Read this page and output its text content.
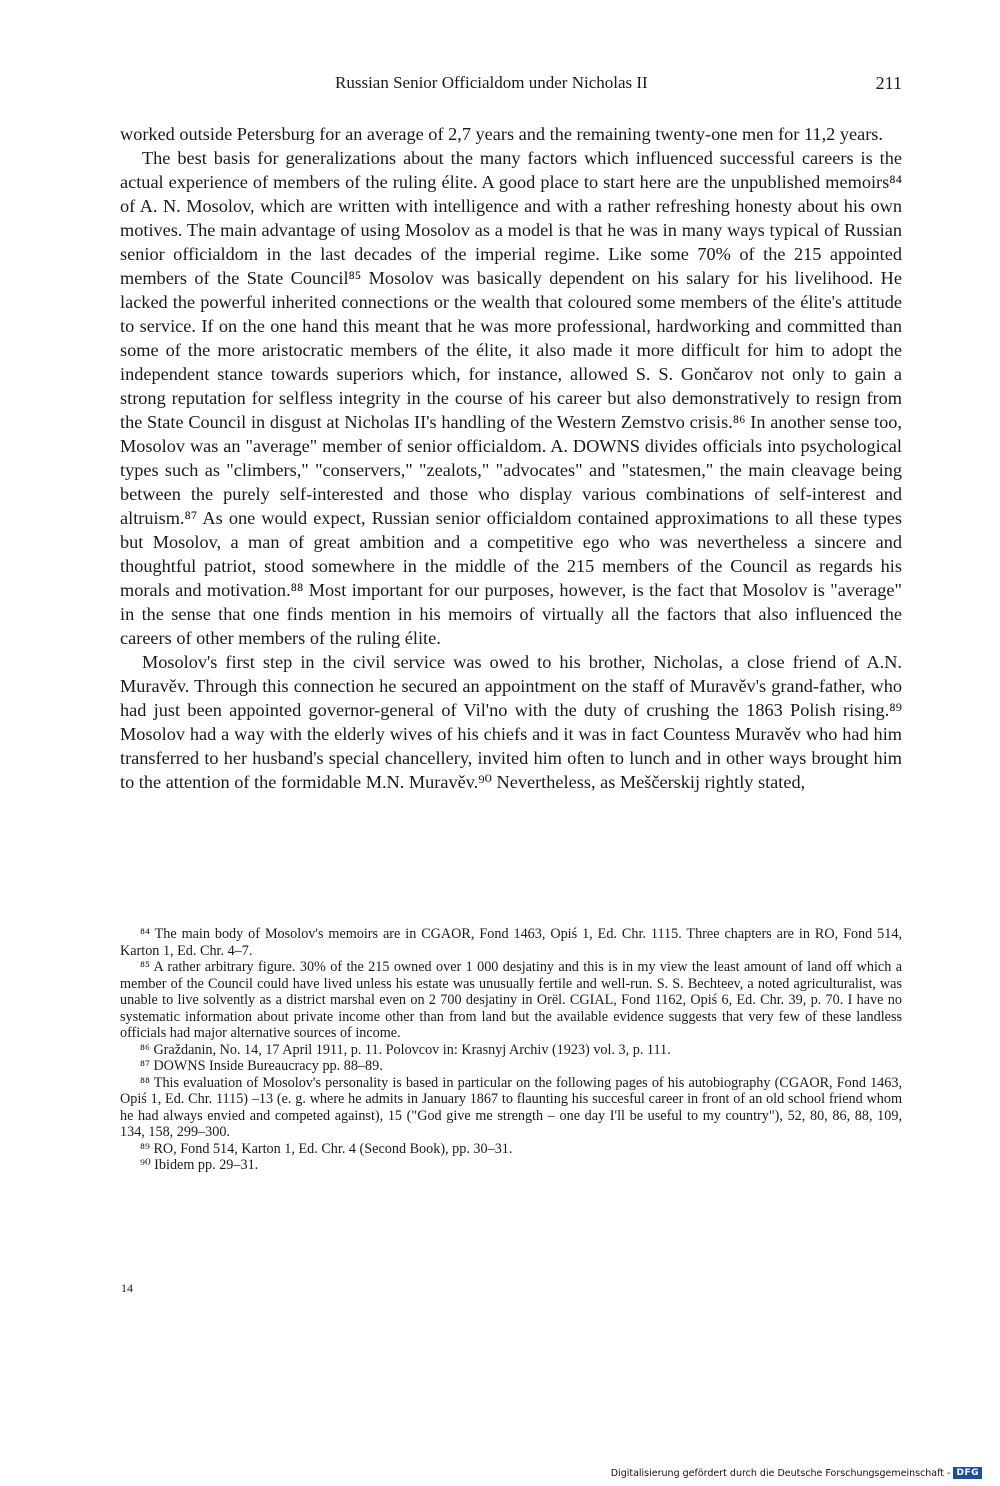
Russian Senior Officialdom under Nicholas II	211

worked outside Petersburg for an average of 2,7 years and the remaining twenty-one men for 11,2 years.

The best basis for generalizations about the many factors which influenced successful careers is the actual experience of members of the ruling élite. A good place to start here are the unpublished memoirs⁸⁴ of A. N. Mosolov, which are written with intelligence and with a rather refreshing honesty about his own motives. The main advantage of using Mosolov as a model is that he was in many ways typical of Russian senior officialdom in the last decades of the imperial regime. Like some 70% of the 215 appointed members of the State Council⁸⁵ Mosolov was basically dependent on his salary for his livelihood. He lacked the powerful inherited connections or the wealth that coloured some members of the élite's attitude to service. If on the one hand this meant that he was more professional, hardworking and committed than some of the more aristocratic members of the élite, it also made it more difficult for him to adopt the independent stance towards superiors which, for instance, allowed S. S. Gončarov not only to gain a strong reputation for selfless integrity in the course of his career but also demonstratively to resign from the State Council in disgust at Nicholas II's handling of the Western Zemstvo crisis.⁸⁶ In another sense too, Mosolov was an "average" member of senior officialdom. A. DOWNS divides officials into psychological types such as "climbers," "conservers," "zealots," "advocates" and "statesmen," the main cleavage being between the purely self-interested and those who display various combinations of self-interest and altruism.⁸⁷ As one would expect, Russian senior officialdom contained approximations to all these types but Mosolov, a man of great ambition and a competitive ego who was nevertheless a sincere and thoughtful patriot, stood somewhere in the middle of the 215 members of the Council as regards his morals and motivation.⁸⁸ Most important for our purposes, however, is the fact that Mosolov is "average" in the sense that one finds mention in his memoirs of virtually all the factors that also influenced the careers of other members of the ruling élite.

Mosolov's first step in the civil service was owed to his brother, Nicholas, a close friend of A.N. Muravěv. Through this connection he secured an appointment on the staff of Muravěv's grand-father, who had just been appointed governor-general of Vil'no with the duty of crushing the 1863 Polish rising.⁸⁹ Mosolov had a way with the elderly wives of his chiefs and it was in fact Countess Muravěv who had him transferred to her husband's special chancellery, invited him often to lunch and in other ways brought him to the attention of the formidable M.N. Muravěv.⁹⁰ Nevertheless, as Meščerskij rightly stated,

⁸⁴ The main body of Mosolov's memoirs are in CGAOR, Fond 1463, Opiś 1, Ed. Chr. 1115. Three chapters are in RO, Fond 514, Karton 1, Ed. Chr. 4–7.

⁸⁵ A rather arbitrary figure. 30% of the 215 owned over 1 000 desjatiny and this is in my view the least amount of land off which a member of the Council could have lived unless his estate was unusually fertile and well-run. S. S. Bechteev, a noted agriculturalist, was unable to live solvently as a district marshal even on 2 700 desjatiny in Orël. CGIAL, Fond 1162, Opiś 6, Ed. Chr. 39, p. 70. I have no systematic information about private income other than from land but the available evidence suggests that very few of these landless officials had major alternative sources of income.

⁸⁶ Graždanin, No. 14, 17 April 1911, p. 11. Polovcov in: Krasnyj Archiv (1923) vol. 3, p. 111.

⁸⁷ DOWNS Inside Bureaucracy pp. 88–89.

⁸⁸ This evaluation of Mosolov's personality is based in particular on the following pages of his autobiography (CGAOR, Fond 1463, Opiś 1, Ed. Chr. 1115) –13 (e. g. where he admits in January 1867 to flaunting his succesful career in front of an old school friend whom he had always envied and competed against), 15 ("God give me strength – one day I'll be useful to my country"), 52, 80, 86, 88, 109, 134, 158, 299–300.

⁸⁹ RO, Fond 514, Karton 1, Ed. Chr. 4 (Second Book), pp. 30–31.

⁹⁰ Ibidem pp. 29–31.

14
Digitalisierung gefördert durch die Deutsche Forschungsgemeinschaft - DFG
